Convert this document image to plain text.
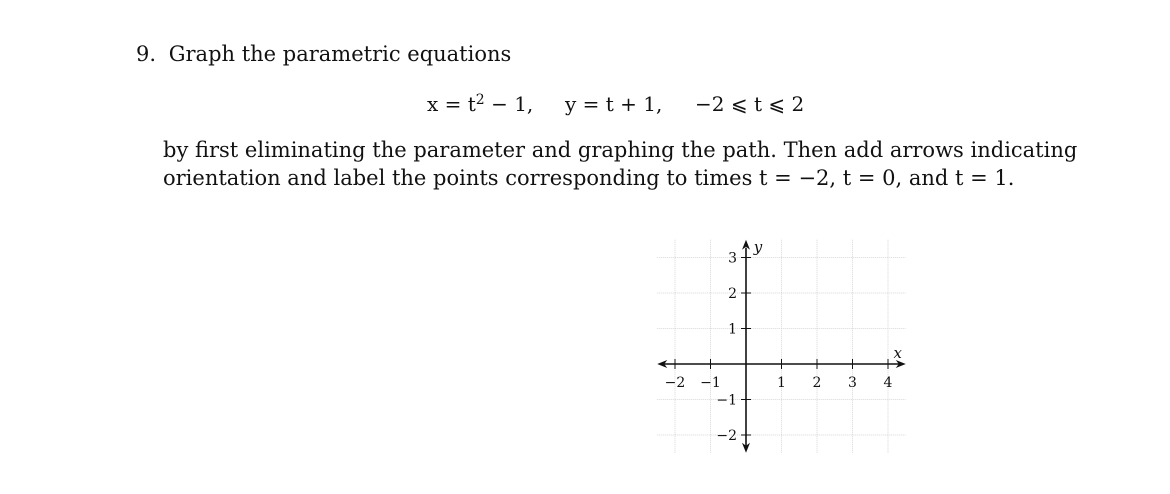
9. Graph the parametric equations
$x = t^2 - 1$, y = t + 1, −2 ⩽ t ⩽ 2
by first eliminating the parameter and graphing the path. Then add arrows indicating orientation and label the points corresponding to times t = −2, t = 0, and t = 1.
−2 −1	1 2 3 4
3
2
1
−1
−2
x
y
